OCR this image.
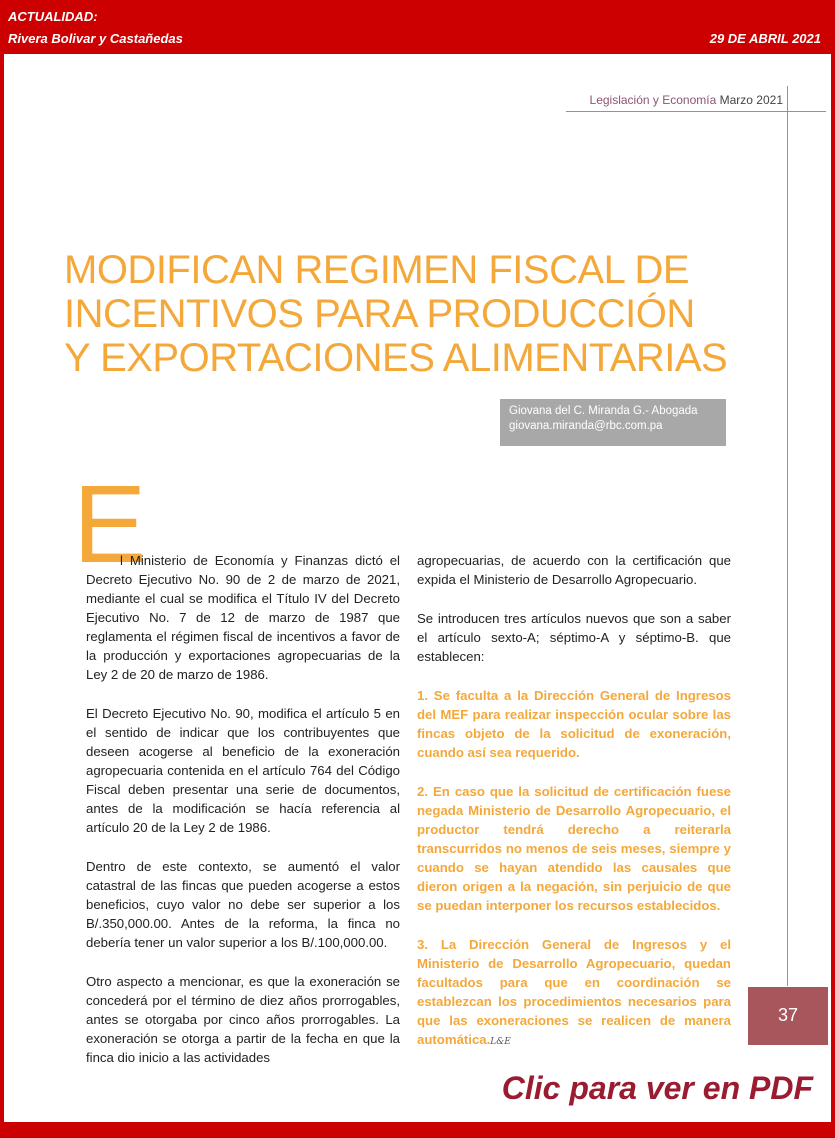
ACTUALIDAD:
Rivera Bolivar y Castañedas	29 DE ABRIL 2021
Legislación y Economía Marzo 2021
MODIFICAN REGIMEN FISCAL DE
INCENTIVOS PARA PRODUCCIÓN
Y EXPORTACIONES ALIMENTARIAS
Giovana del C. Miranda G.- Abogada
giovana.miranda@rbc.com.pa
E

l Ministerio de Economía y Finanzas dictó el Decreto Ejecutivo No. 90 de 2 de marzo de 2021, mediante el cual se modifica el Título IV del Decreto Ejecutivo No. 7 de 12 de marzo de 1987 que reglamenta el régimen fiscal de incentivos a favor de la producción y exportaciones agropecuarias de la Ley 2 de 20 de marzo de 1986.

El Decreto Ejecutivo No. 90, modifica el artículo 5 en el sentido de indicar que los contribuyentes que deseen acogerse al beneficio de la exoneración agropecuaria contenida en el artículo 764 del Código Fiscal deben presentar una serie de documentos, antes de la modificación se hacía referencia al artículo 20 de la Ley 2 de 1986.

Dentro de este contexto, se aumentó el valor catastral de las fincas que pueden acogerse a estos beneficios, cuyo valor no debe ser superior a los B/.350,000.00. Antes de la reforma, la finca no debería tener un valor superior a los B/.100,000.00.

Otro aspecto a mencionar, es que la exoneración se concederá por el término de diez años prorrogables, antes se otorgaba por cinco años prorrogables. La exoneración se otorga a partir de la fecha en que la finca dio inicio a las actividades

agropecuarias, de acuerdo con la certificación que expida el Ministerio de Desarrollo Agropecuario.

Se introducen tres artículos nuevos que son a saber el artículo sexto-A; séptimo-A y séptimo-B. que establecen:

1. Se faculta a la Dirección General de Ingresos del MEF para realizar inspección ocular sobre las fincas objeto de la solicitud de exoneración, cuando así sea requerido.

2. En caso que la solicitud de certificación fuese negada Ministerio de Desarrollo Agropecuario, el productor tendrá derecho a reiterarla transcurridos no menos de seis meses, siempre y cuando se hayan atendido las causales que dieron origen a la negación, sin perjuicio de que se puedan interponer los recursos establecidos.

3. La Dirección General de Ingresos y el Ministerio de Desarrollo Agropecuario, quedan facultados para que en coordinación se establezcan los procedimientos necesarios para que las exoneraciones se realicen de manera automática.L&E

37
Clic para ver en PDF
